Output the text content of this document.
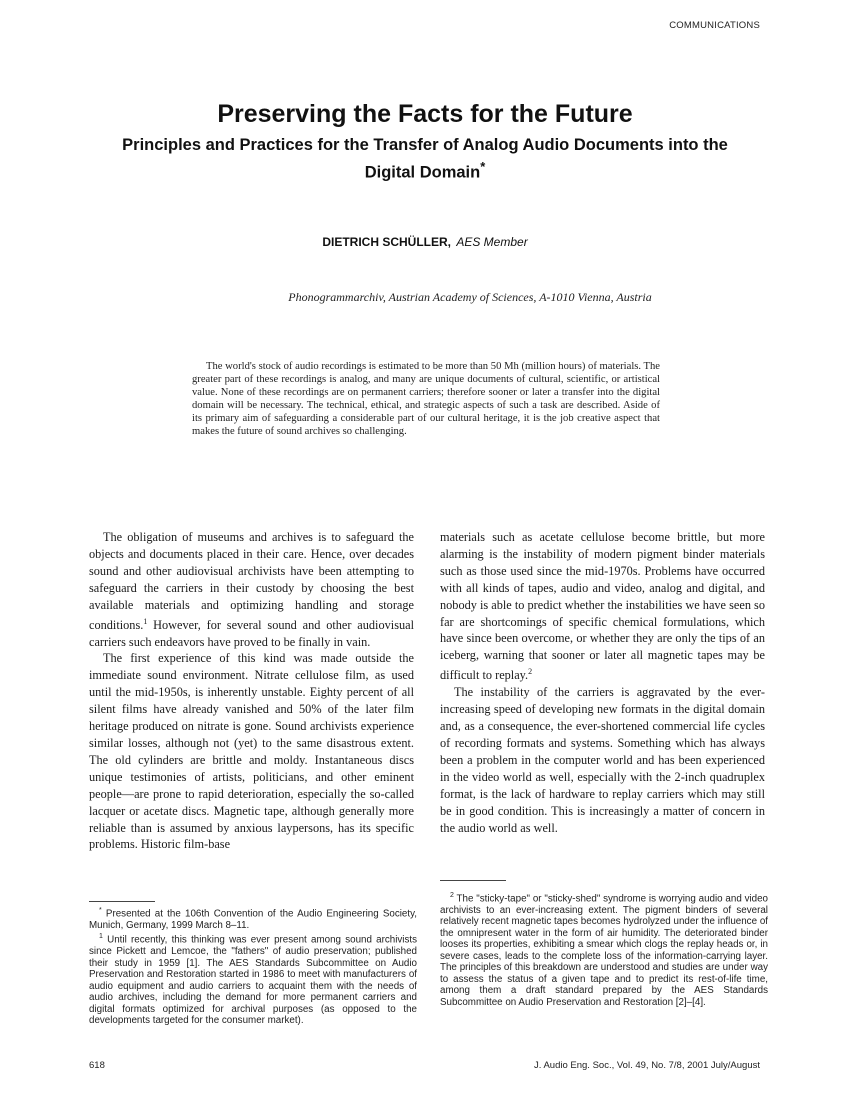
COMMUNICATIONS
Preserving the Facts for the Future
Principles and Practices for the Transfer of Analog Audio Documents into the Digital Domain*
DIETRICH SCHÜLLER, AES Member
Phonogrammarchiv, Austrian Academy of Sciences, A-1010 Vienna, Austria
The world's stock of audio recordings is estimated to be more than 50 Mh (million hours) of materials. The greater part of these recordings is analog, and many are unique documents of cultural, scientific, or artistical value. None of these recordings are on permanent carriers; therefore sooner or later a transfer into the digital domain will be necessary. The technical, ethical, and strategic aspects of such a task are described. Aside of its primary aim of safeguarding a considerable part of our cultural heritage, it is the job creative aspect that makes the future of sound archives so challenging.

The obligation of museums and archives is to safeguard the objects and documents placed in their care. Hence, over decades sound and other audiovisual archivists have been attempting to safeguard the carriers in their custody by choosing the best available materials and optimizing handling and storage conditions.$^1$ However, for several sound and other audiovisual carriers such endeavors have proved to be finally in vain.

The first experience of this kind was made outside the immediate sound environment. Nitrate cellulose film, as used until the mid-1950s, is inherently unstable. Eighty percent of all silent films have already vanished and 50% of the later film heritage produced on nitrate is gone. Sound archivists experience similar losses, although not (yet) to the same disastrous extent. The old cylinders are brittle and moldy. Instantaneous discs unique testimonies of artists, politicians, and other eminent people—are prone to rapid deterioration, especially the so-called lacquer or acetate discs. Magnetic tape, although generally more reliable than is assumed by anxious laypersons, has its specific problems. Historic film-base

materials such as acetate cellulose become brittle, but more alarming is the instability of modern pigment binder materials such as those used since the mid-1970s. Problems have occurred with all kinds of tapes, audio and video, analog and digital, and nobody is able to predict whether the instabilities we have seen so far are shortcomings of specific chemical formulations, which have since been overcome, or whether they are only the tips of an iceberg, warning that sooner or later all magnetic tapes may be difficult to replay.$^2$

The instability of the carriers is aggravated by the ever-increasing speed of developing new formats in the digital domain and, as a consequence, the ever-shortened commercial life cycles of recording formats and systems. Something which has always been a problem in the computer world and has been experienced in the video world as well, especially with the 2-inch quadruplex format, is the lack of hardware to replay carriers which may still be in good condition. This is increasingly a matter of concern in the audio world as well.

* Presented at the 106th Convention of the Audio Engineering Society, Munich, Germany, 1999 March 8–11.

$^1$ Until recently, this thinking was ever present among sound archivists since Pickett and Lemcoe, the "fathers" of audio preservation; published their study in 1959 [1]. The AES Standards Subcommittee on Audio Preservation and Restoration started in 1986 to meet with manufacturers of audio equipment and audio carriers to acquaint them with the needs of audio archives, including the demand for more permanent carriers and digital formats optimized for archival purposes (as opposed to the developments targeted for the consumer market).

$^2$ The "sticky-tape" or "sticky-shed" syndrome is worrying audio and video archivists to an ever-increasing extent. The pigment binders of several relatively recent magnetic tapes becomes hydrolyzed under the influence of the omnipresent water in the form of air humidity. The deteriorated binder looses its properties, exhibiting a smear which clogs the replay heads or, in severe cases, leads to the complete loss of the information-carrying layer. The principles of this breakdown are understood and studies are under way to assess the status of a given tape and to predict its rest-of-life time, among them a draft standard prepared by the AES Standards Subcommittee on Audio Preservation and Restoration [2]–[4].

618	J. Audio Eng. Soc., Vol. 49, No. 7/8, 2001 July/August
